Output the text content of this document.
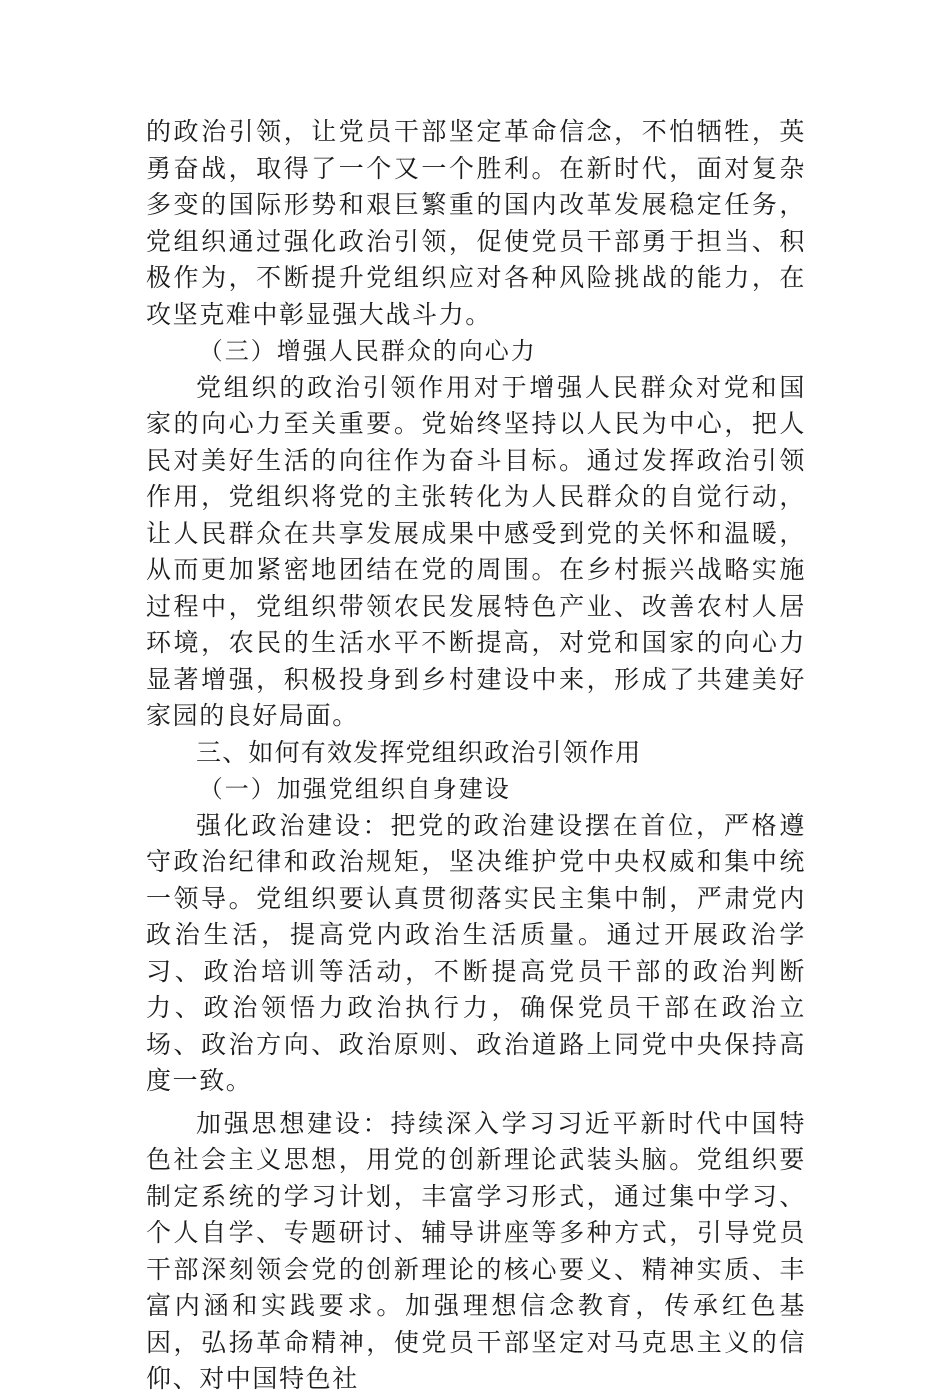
的政治引领，让党员干部坚定革命信念，不怕牺牲，英勇奋战，取得了一个又一个胜利。在新时代，面对复杂多变的国际形势和艰巨繁重的国内改革发展稳定任务，党组织通过强化政治引领，促使党员干部勇于担当、积极作为，不断提升党组织应对各种风险挑战的能力，在攻坚克难中彰显强大战斗力。

（三）增强人民群众的向心力

党组织的政治引领作用对于增强人民群众对党和国家的向心力至关重要。党始终坚持以人民为中心，把人民对美好生活的向往作为奋斗目标。通过发挥政治引领作用，党组织将党的主张转化为人民群众的自觉行动，让人民群众在共享发展成果中感受到党的关怀和温暖，从而更加紧密地团结在党的周围。在乡村振兴战略实施过程中，党组织带领农民发展特色产业、改善农村人居环境，农民的生活水平不断提高，对党和国家的向心力显著增强，积极投身到乡村建设中来，形成了共建美好家园的良好局面。

三、如何有效发挥党组织政治引领作用

（一）加强党组织自身建设

强化政治建设：把党的政治建设摆在首位，严格遵守政治纪律和政治规矩，坚决维护党中央权威和集中统一领导。党组织要认真贯彻落实民主集中制，严肃党内政治生活，提高党内政治生活质量。通过开展政治学习、政治培训等活动，不断提高党员干部的政治判断力、政治领悟力政治执行力，确保党员干部在政治立场、政治方向、政治原则、政治道路上同党中央保持高度一致。

加强思想建设：持续深入学习习近平新时代中国特色社会主义思想，用党的创新理论武装头脑。党组织要制定系统的学习计划，丰富学习形式，通过集中学习、个人自学、专题研讨、辅导讲座等多种方式，引导党员干部深刻领会党的创新理论的核心要义、精神实质、丰富内涵和实践要求。加强理想信念教育，传承红色基因，弘扬革命精神，使党员干部坚定对马克思主义的信仰、对中国特色社
